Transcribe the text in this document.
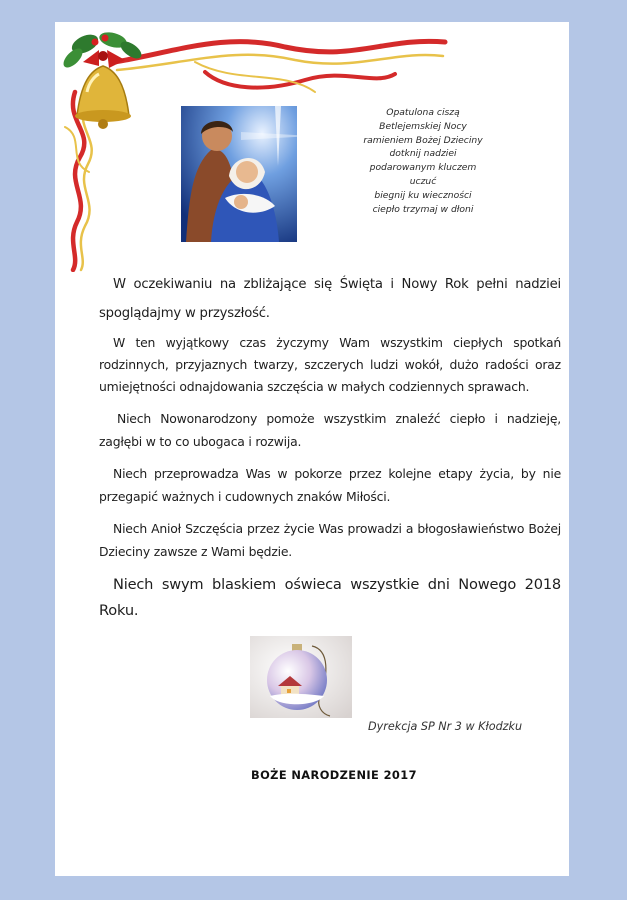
Opatulona ciszą
Betlejemskiej Nocy
ramieniem Bożej Dzieciny
dotknij nadziei
podarowanym kluczem
uczuć
biegnij ku wieczności
ciepło trzymaj w dłoni

W oczekiwaniu na zbliżające się Święta i Nowy Rok pełni nadziei spoglądajmy w przyszłość.

W ten wyjątkowy czas życzymy Wam wszystkim ciepłych spotkań rodzinnych, przyjaznych twarzy, szczerych ludzi wokół, dużo radości oraz umiejętności odnajdowania szczęścia w małych codziennych sprawach.

Niech Nowonarodzony pomoże wszystkim znaleźć ciepło i nadzieję, zagłębi w to co ubogaca i rozwija.

Niech przeprowadza Was w pokorze przez kolejne etapy życia, by nie przegapić ważnych i cudownych znaków Miłości.

Niech Anioł Szczęścia przez życie Was prowadzi a błogosławieństwo Bożej Dzieciny zawsze z Wami będzie.

Niech swym blaskiem oświeca wszystkie dni Nowego 2018 Roku.

Dyrekcja SP Nr 3 w Kłodzku
BOŻE NARODZENIE 2017
